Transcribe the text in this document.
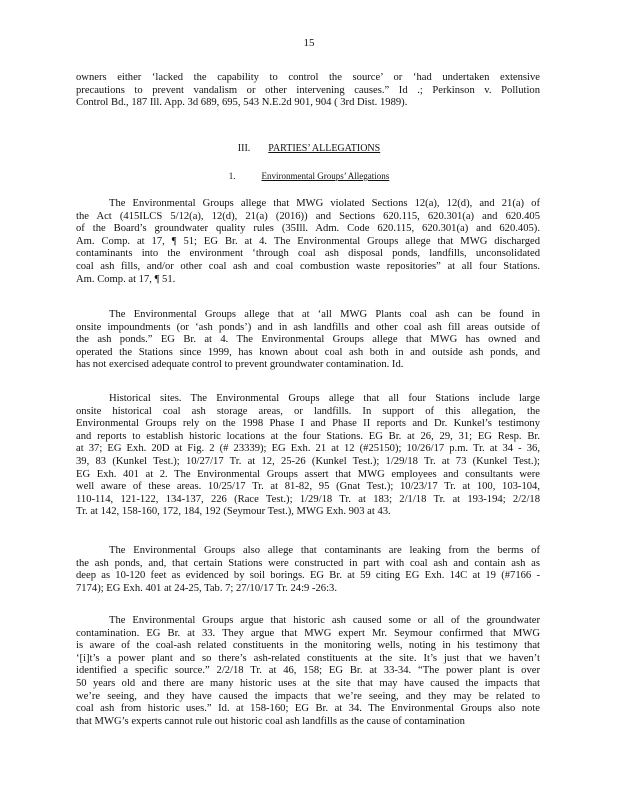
15
owners either ‘lacked the capability to control the source’ or ‘had undertaken extensive
precautions to prevent vandalism or other intervening causes.” Id .; Perkinson v. Pollution
Control Bd., 187 Ill. App. 3d 689, 695, 543 N.E.2d 901, 904 ( 3rd Dist. 1989).
III. PARTIES’ ALLEGATIONS
1.	Environmental Groups’ Allegations
The Environmental Groups allege that MWG violated Sections 12(a), 12(d), and 21(a) of
the Act (415ILCS 5/12(a), 12(d), 21(a) (2016)) and Sections 620.115, 620.301(a) and 620.405
of the Board’s groundwater quality rules (35Ill. Adm. Code 620.115, 620.301(a) and 620.405).
Am. Comp. at 17, ¶ 51; EG Br. at 4. The Environmental Groups allege that MWG discharged
contaminants into the environment ‘through coal ash disposal ponds, landfills, unconsolidated
coal ash fills, and/or other coal ash and coal combustion waste repositories” at all four Stations.
Am. Comp. at 17, ¶ 51.
The Environmental Groups allege that at ‘all MWG Plants coal ash can be found in
onsite impoundments (or ‘ash ponds’) and in ash landfills and other coal ash fill areas outside of
the ash ponds.” EG Br. at 4. The Environmental Groups allege that MWG has owned and
operated the Stations since 1999, has known about coal ash both in and outside ash ponds, and
has not exercised adequate control to prevent groundwater contamination. Id.
Historical sites. The Environmental Groups allege that all four Stations include large
onsite historical coal ash storage areas, or landfills. In support of this allegation, the
Environmental Groups rely on the 1998 Phase I and Phase II reports and Dr. Kunkel’s testimony
and reports to establish historic locations at the four Stations. EG Br. at 26, 29, 31; EG Resp. Br.
at 37; EG Exh. 20D at Fig. 2 (# 23339); EG Exh. 21 at 12 (#25150); 10/26/17 p.m. Tr. at 34 - 36,
39, 83 (Kunkel Test.); 10/27/17 Tr. at 12, 25-26 (Kunkel Test.); 1/29/18 Tr. at 73 (Kunkel Test.);
EG Exh. 401 at 2. The Environmental Groups assert that MWG employees and consultants were
well aware of these areas. 10/25/17 Tr. at 81-82, 95 (Gnat Test.); 10/23/17 Tr. at 100, 103-104,
110-114, 121-122, 134-137, 226 (Race Test.); 1/29/18 Tr. at 183; 2/1/18 Tr. at 193-194; 2/2/18
Tr. at 142, 158-160, 172, 184, 192 (Seymour Test.), MWG Exh. 903 at 43.
The Environmental Groups also allege that contaminants are leaking from the berms of
the ash ponds, and, that certain Stations were constructed in part with coal ash and contain ash as
deep as 10-120 feet as evidenced by soil borings. EG Br. at 59 citing EG Exh. 14C at 19 (#7166 -
7174); EG Exh. 401 at 24-25, Tab. 7; 27/10/17 Tr. 24:9 -26:3.
The Environmental Groups argue that historic ash caused some or all of the groundwater
contamination. EG Br. at 33. They argue that MWG expert Mr. Seymour confirmed that MWG
is aware of the coal-ash related constituents in the monitoring wells, noting in his testimony that
‘[i]t’s a power plant and so there’s ash-related constituents at the site. It’s just that we haven’t
identified a specific source.” 2/2/18 Tr. at 46, 158; EG Br. at 33-34. “The power plant is over
50 years old and there are many historic uses at the site that may have caused the impacts that
we’re seeing, and they have caused the impacts that we’re seeing, and they may be related to
coal ash from historic uses.” Id. at 158-160; EG Br. at 34. The Environmental Groups also note
that MWG’s experts cannot rule out historic coal ash landfills as the cause of contamination
